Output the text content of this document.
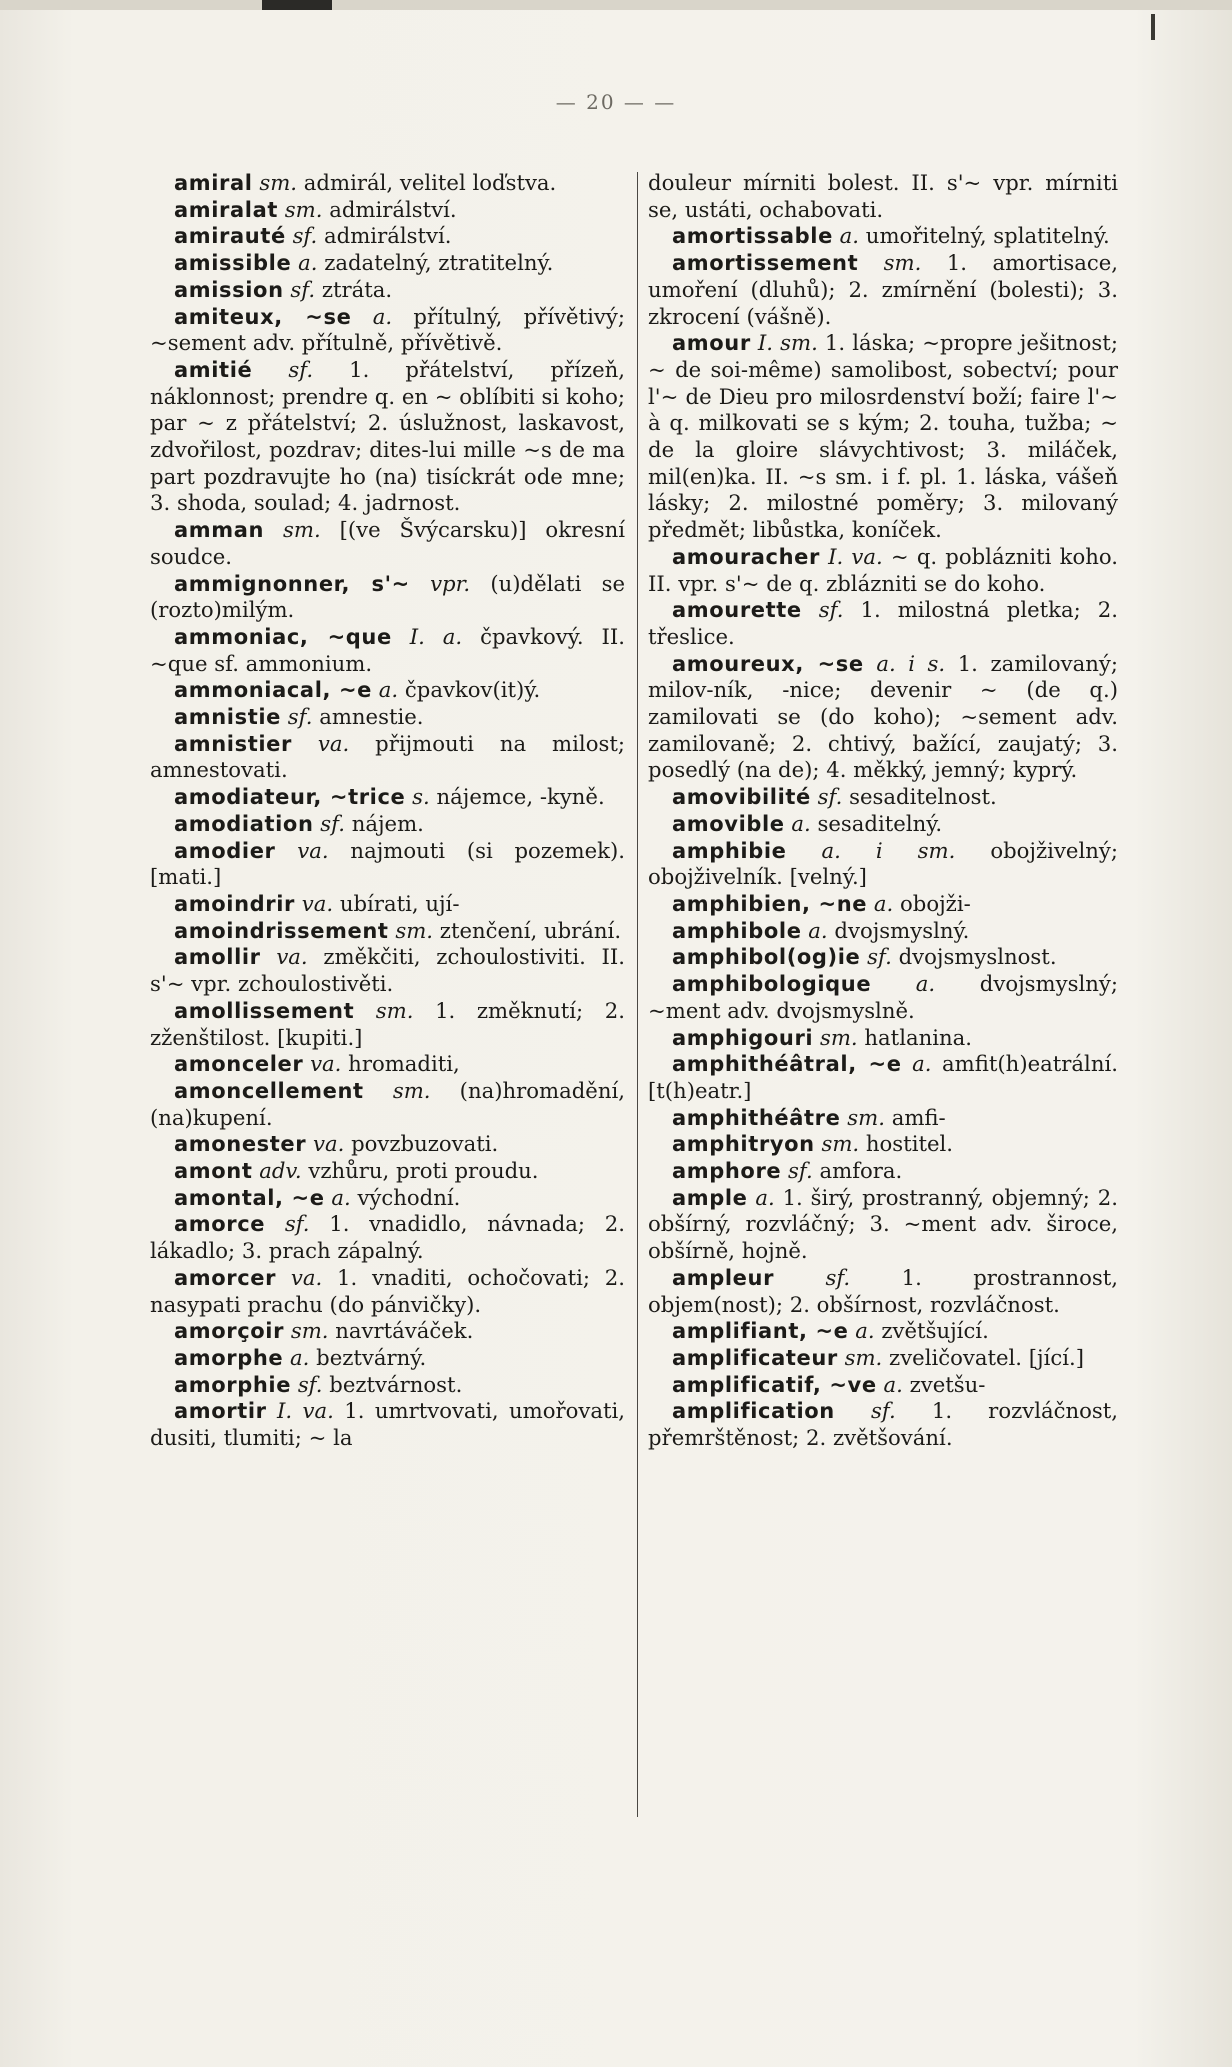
— 20 — —

amiral sm. admirál, velitel loďstva.

amiralat sm. admirálství.

amirauté sf. admirálství.

amissible a. zadatelný, ztratitelný.

amission sf. ztráta.

amiteux, ~se a. přítulný, přívětivý; ~sement adv. přítulně, přívětivě.

amitié sf. 1. přátelství, přízeň, náklonnost; prendre q. en ~ oblíbiti si koho; par ~ z přátelství; 2. úslužnost, laskavost, zdvořilost, pozdrav; dites-lui mille ~s de ma part pozdravujte ho (na) tisíckrát ode mne; 3. shoda, soulad; 4. jadrnost.

amman sm. [(ve Švýcarsku)] okresní soudce.

ammignonner, s'~ vpr. (u)dělati se (rozto)milým.

ammoniac, ~que I. a. čpavkový. II. ~que sf. ammonium.

ammoniacal, ~e a. čpavkov(it)ý.

amnistie sf. amnestie.

amnistier va. přijmouti na milost; amnestovati.

amodiateur, ~trice s. nájemce, -kyně.

amodiation sf. nájem.

amodier va. najmouti (si pozemek). [mati.]

amoindrir va. ubírati, ují-

amoindrissement sm. ztenčení, ubrání.

amollir va. změkčiti, zchoulostiviti. II. s'~ vpr. zchoulostivěti.

amollissement sm. 1. změknutí; 2. zženštilost. [kupiti.]

amonceler va. hromaditi,

amoncellement sm. (na)hromadění, (na)kupení.

amonester va. povzbuzovati.

amont adv. vzhůru, proti proudu.

amontal, ~e a. východní.

amorce sf. 1. vnadidlo, návnada; 2. lákadlo; 3. prach zápalný.

amorcer va. 1. vnaditi, ochočovati; 2. nasypati prachu (do pánvičky).

amorçoir sm. navrtáváček.

amorphe a. beztvárný.

amorphie sf. beztvárnost.

amortir I. va. 1. umrtvovati, umořovati, dusiti, tlumiti; ~ la

douleur mírniti bolest. II. s'~ vpr. mírniti se, ustáti, ochabovati.

amortissable a. umořitelný, splatitelný.

amortissement sm. 1. amortisace, umoření (dluhů); 2. zmírnění (bolesti); 3. zkrocení (vášně).

amour I. sm. 1. láska; ~propre ješitnost; ~ de soi-même) samolibost, sobectví; pour l'~ de Dieu pro milosrdenství boží; faire l'~ à q. milkovati se s kým; 2. touha, tužba; ~ de la gloire slávychtivost; 3. miláček, mil(en)ka. II. ~s sm. i f. pl. 1. láska, vášeň lásky; 2. milostné poměry; 3. milovaný předmět; libůstka, koníček.

amouracher I. va. ~ q. poblázniti koho. II. vpr. s'~ de q. zblázniti se do koho.

amourette sf. 1. milostná pletka; 2. třeslice.

amoureux, ~se a. i s. 1. zamilovaný; milov-ník, -nice; devenir ~ (de q.) zamilovati se (do koho); ~sement adv. zamilovaně; 2. chtivý, bažící, zaujatý; 3. posedlý (na de); 4. měkký, jemný; kyprý.

amovibilité sf. sesaditelnost.

amovible a. sesaditelný.

amphibie a. i sm. obojživelný; obojživelník. [velný.]

amphibien, ~ne a. obojži-

amphibole a. dvojsmyslný.

amphibol(og)ie sf. dvojsmyslnost.

amphibologique a. dvojsmyslný; ~ment adv. dvojsmyslně.

amphigouri sm. hatlanina.

amphithéâtral, ~e a. amfit(h)eatrální. [t(h)eatr.]

amphithéâtre sm. amfi-

amphitryon sm. hostitel.

amphore sf. amfora.

ample a. 1. širý, prostranný, objemný; 2. obšírný, rozvláčný; 3. ~ment adv. široce, obšírně, hojně.

ampleur sf. 1. prostrannost, objem(nost); 2. obšírnost, rozvláčnost.

amplifiant, ~e a. zvětšující.

amplificateur sm. zveličovatel. [jící.]

amplificatif, ~ve a. zvetšu-

amplification sf. 1. rozvláčnost, přemrštěnost; 2. zvětšování.
